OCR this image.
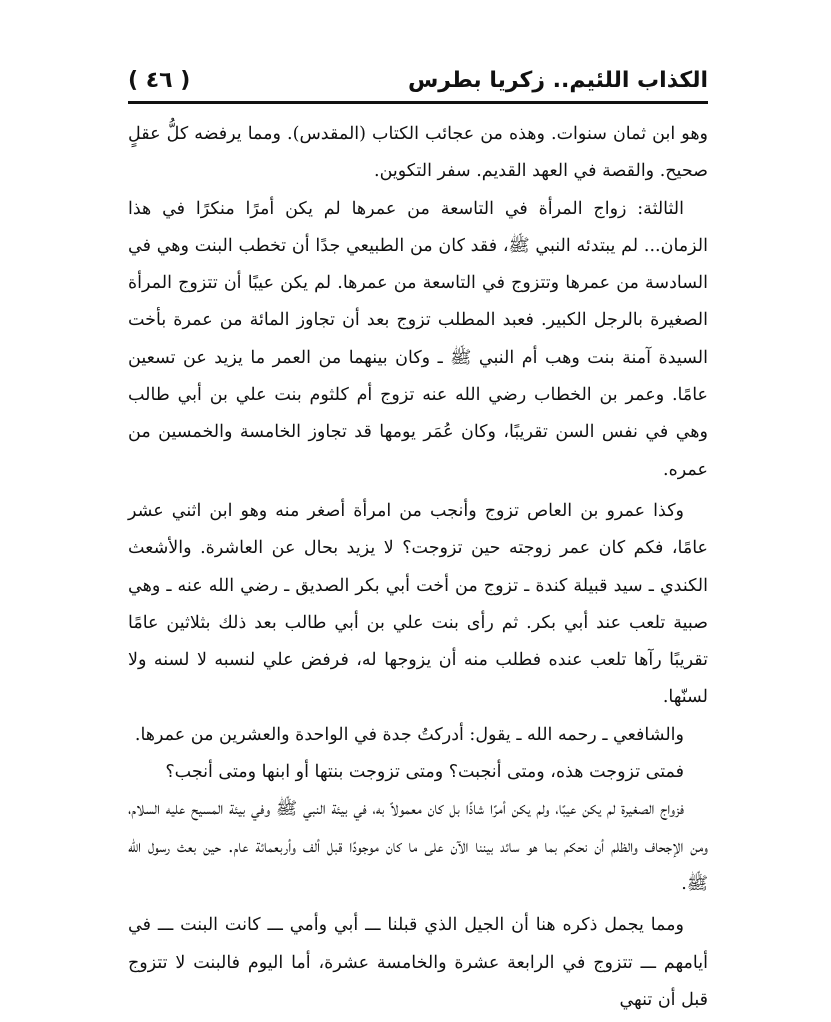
الكذاب اللئيم.. زكريا بطرس
( ٤٦ )

وهو ابن ثمان سنوات. وهذه من عجائب الكتاب (المقدس). ومما يرفضه كلُّ عقلٍ صحيح. والقصة في العهد القديم. سفر التكوين.

الثالثة: زواج المرأة في التاسعة من عمرها لم يكن أمرًا منكرًا في هذا الزمان... لم يبتدئه النبي ﷺ، فقد كان من الطبيعي جدًا أن تخطب البنت وهي في السادسة من عمرها وتتزوج في التاسعة من عمرها. لم يكن عيبًا أن تتزوج المرأة الصغيرة بالرجل الكبير. فعبد المطلب تزوج بعد أن تجاوز المائة من عمرة بأخت السيدة آمنة بنت وهب أم النبي ﷺ ـ وكان بينهما من العمر ما يزيد عن تسعين عامًا. وعمر بن الخطاب رضي الله عنه تزوج أم كلثوم بنت علي بن أبي طالب وهي في نفس السن تقريبًا، وكان عُمَر يومها قد تجاوز الخامسة والخمسين من عمره.

وكذا عمرو بن العاص تزوج وأنجب من امرأة أصغر منه وهو ابن اثني عشر عامًا، فكم كان عمر زوجته حين تزوجت؟ لا يزيد بحال عن العاشرة. والأشعث الكندي ـ سيد قبيلة كندة ـ تزوج من أخت أبي بكر الصديق ـ رضي الله عنه ـ وهي صبية تلعب عند أبي بكر. ثم رأى بنت علي بن أبي طالب بعد ذلك بثلاثين عامًا تقريبًا رآها تلعب عنده فطلب منه أن يزوجها له، فرفض علي لنسبه لا لسنه ولا لسنّها.

والشافعي ـ رحمه الله ـ يقول: أدركتُ جدة في الواحدة والعشرين من عمرها.

فمتى تزوجت هذه، ومتى أنجبت؟ ومتى تزوجت بنتها أو ابنها ومتى أنجب؟

فزواج الصغيرة لم يكن عيبًا، ولم يكن أمرًا شاذًا بل كان معمولاً به، في بيئة النبي ﷺ وفي بيئة المسيح عليه السلام، ومن الإجحاف والظلم أن نحكم بما هو سائد بيننا الآن على ما كان موجودًا قبل ألف وأربعمائة عام. حين بعث رسول الله ﷺ.

ومما يجمل ذكره هنا أن الجيل الذي قبلنا ـــ أبي وأمي ـــ كانت البنت ـــ في أيامهم ـــ تتزوج في الرابعة عشرة والخامسة عشرة، أما اليوم فالبنت لا تتزوج قبل أن تنهي
